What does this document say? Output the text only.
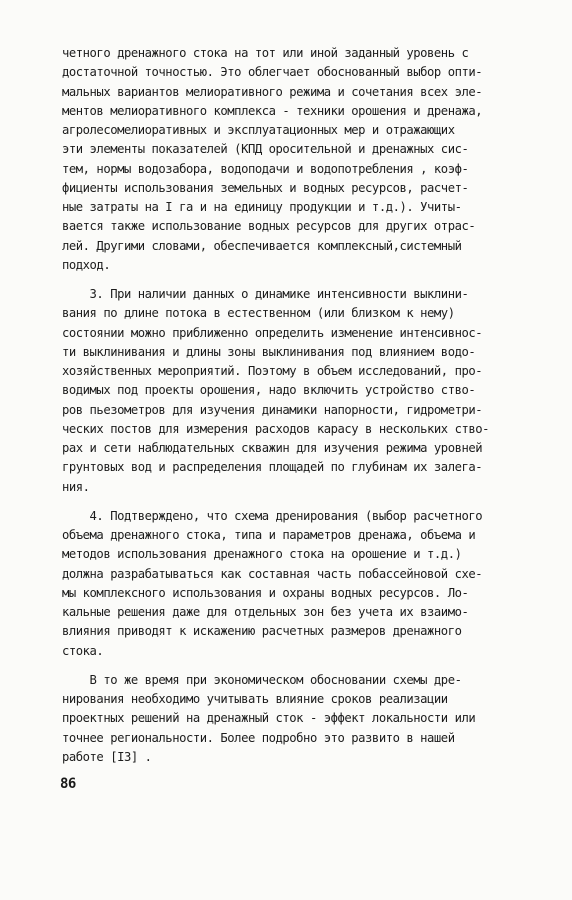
четного дренажного стока на тот или иной заданный уровень с
достаточной точностью. Это облегчает обоснованный выбор опти-
мальных вариантов мелиоративного режима и сочетания всех эле-
ментов мелиоративного комплекса - техники орошения и дренажа,
агролесомелиоративных и эксплуатационных мер и отражающих
эти элементы показателей (КПД оросительной и дренажных сис-
тем, нормы водозабора, водоподачи и водопотребления , коэф-
фициенты использования земельных и водных ресурсов, расчет-
ные затраты на I га и на единицу продукции и т.д.). Учиты-
вается также использование водных ресурсов для других отрас-
лей. Другими словами, обеспечивается комплексный,системный
подход.
3. При наличии данных о динамике интенсивности выклини-
вания по длине потока в естественном (или близком к нему)
состоянии можно приближенно определить изменение интенсивнос-
ти выклинивания и длины зоны выклинивания под влиянием водо-
хозяйственных мероприятий. Поэтому в объем исследований, про-
водимых под проекты орошения, надо включить устройство ство-
ров пьезометров для изучения динамики напорности, гидрометри-
ческих постов для измерения расходов карасу в нескольких ство-
рах и сети наблюдательных скважин для изучения режима уровней
грунтовых вод и распределения площадей по глубинам их залега-
ния.
4. Подтверждено, что схема дренирования (выбор расчетного
объема дренажного стока, типа и параметров дренажа, объема и
методов использования дренажного стока на орошение и т.д.)
должна разрабатываться как составная часть побассейновой схе-
мы комплексного использования и охраны водных ресурсов. Ло-
кальные решения даже для отдельных зон без учета их взаимо-
влияния приводят к искажению расчетных размеров дренажного
стока.
В то же время при экономическом обосновании схемы дре-
нирования необходимо учитывать влияние сроков реализации
проектных решений на дренажный сток - эффект локальности или
точнее региональности. Более подробно это развито в нашей
работе [I3] .
86
